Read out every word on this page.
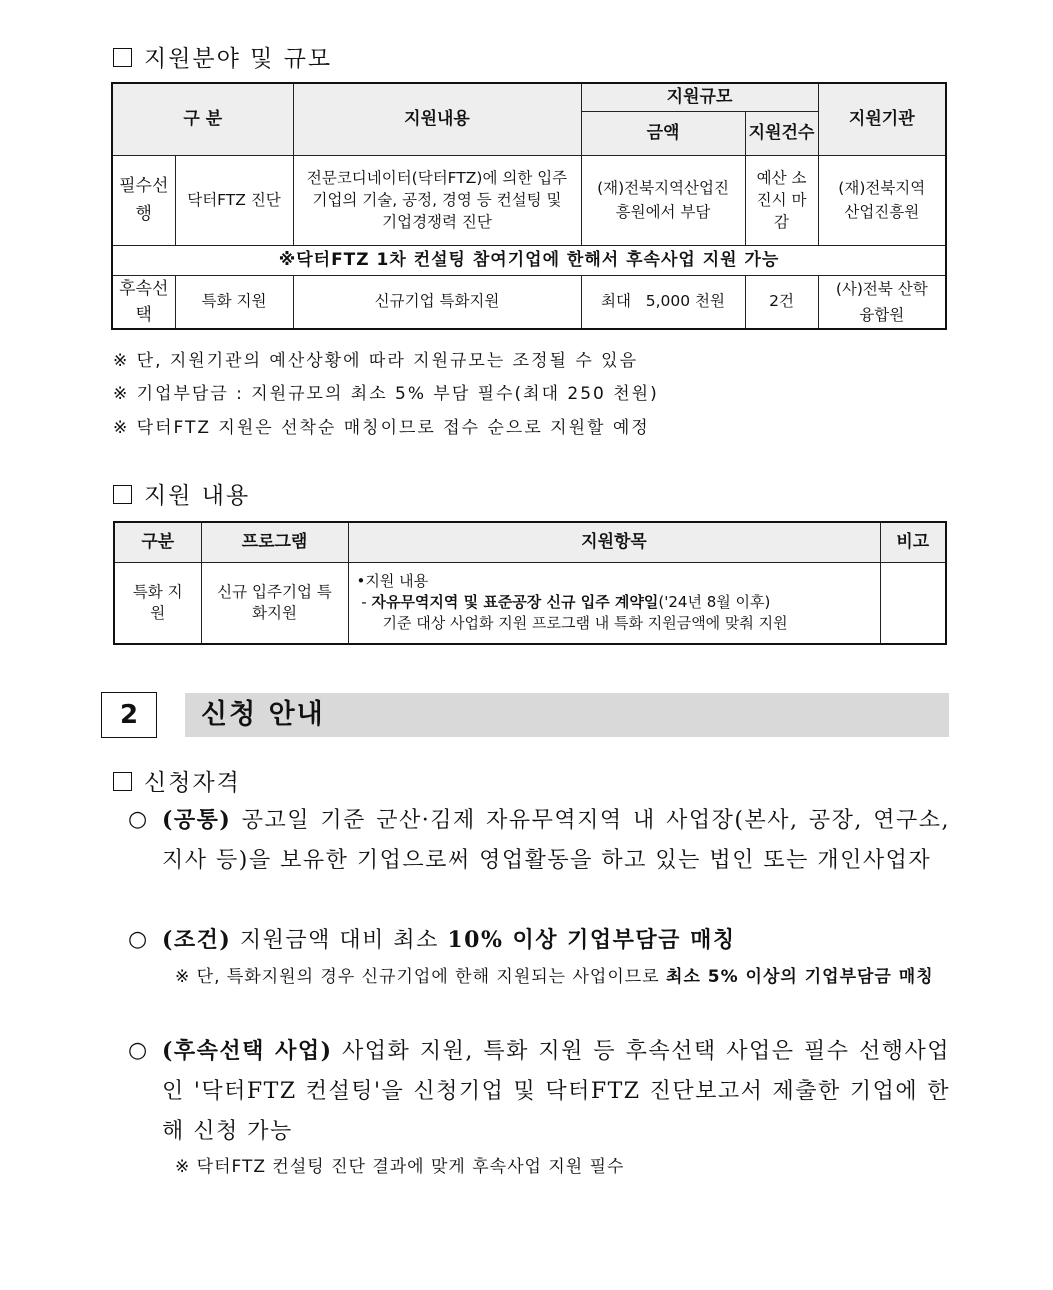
지원분야 및 규모
구 분		지원내용	지원규모		지원기관
			금액	지원건수	
필수선행	닥터FTZ 진단	전문코디네이터(닥터FTZ)에 의한 입주기업의 기술, 공정, 경영 등 컨설팅 및 기업경쟁력 진단	(재)전북지역산업진흥원에서 부담	예산 소진시 마감	(재)전북지역 산업진흥원
※닥터FTZ 1차 컨설팅 참여기업에 한해서 후속사업 지원 가능					
후속선택	특화 지원	신규기업 특화지원	최대   5,000 천원	2건	(사)전북 산학융합원
※ 단, 지원기관의 예산상황에 따라 지원규모는 조정될 수 있음
※ 기업부담금 : 지원규모의 최소 5% 부담 필수(최대 250 천원)
※ 닥터FTZ 지원은 선착순 매칭이므로 접수 순으로 지원할 예정
지원 내용
구분	프로그램	지원항목	비고
특화 지원	신규 입주기업 특화지원	•지원 내용
- 자유무역지역 및 표준공장 신규 입주 계약일('24년 8월 이후)
기준 대상 사업화 지원 프로그램 내 특화 지원금액에 맞춰 지원	

2	신청 안내
신청자격
○ (공통) 공고일 기준 군산·김제 자유무역지역 내 사업장(본사, 공장, 연구소, 지사 등)을 보유한 기업으로써 영업활동을 하고 있는 법인 또는 개인사업자
○ (조건) 지원금액 대비 최소 10% 이상 기업부담금 매칭
※ 단, 특화지원의 경우 신규기업에 한해 지원되는 사업이므로 최소 5% 이상의 기업부담금 매칭
○ (후속선택 사업) 사업화 지원, 특화 지원 등 후속선택 사업은 필수 선행사업인 '닥터FTZ 컨설팅'을 신청기업 및 닥터FTZ 진단보고서 제출한 기업에 한해 신청 가능
※ 닥터FTZ 컨설팅 진단 결과에 맞게 후속사업 지원 필수
